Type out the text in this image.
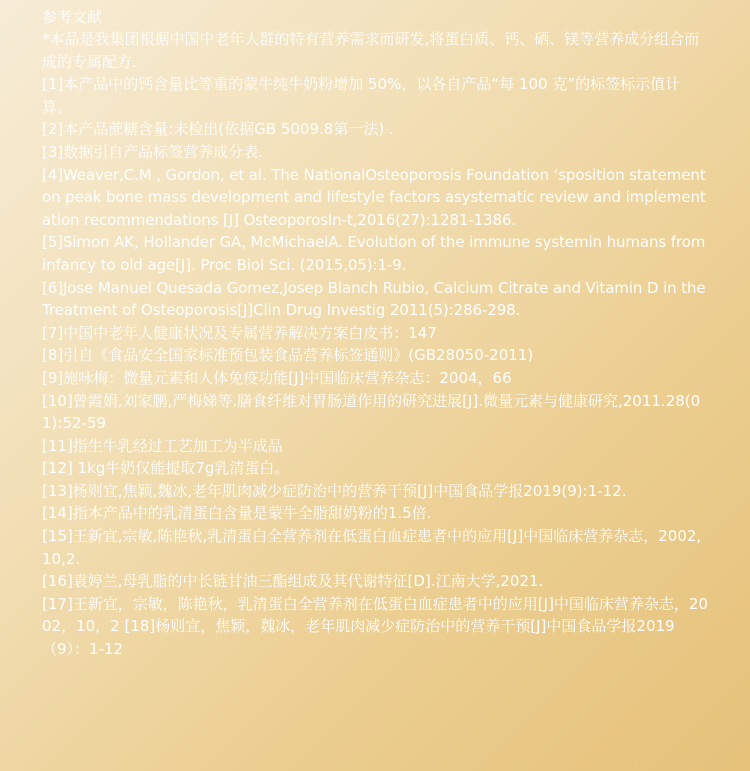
参考文献
*本品是我集团根据中国中老年人群的特有营养需求而研发,将蛋白质、钙、硒、镁等营养成分组合而成的专属配方.
[1]本产品中的钙含量比等重的蒙牛纯牛奶粉增加 50%，以各自产品“每 100 克”的标签标示值计算。
[2]本产品蔗糖含量:未检出(依据GB 5009.8第一法) .
[3]数据引自产品标签营养成分表.
[4]Weaver,C.M , Gordon, et al. The NationalOsteoporosis Foundation ‘sposition statement on peak bone mass development and lifestyle factors asystematic review and implementation recommendations [J] OsteoporosIn-t,2016(27):1281-1386.
[5]Simon AK, Hollander GA, McMichaelA. Evolution of the immune systemin humans from infancy to old age[J]. Proc Biol Sci. (2015,05):1-9.
[6]Jose Manuel Quesada Gomez,Josep Blanch Rubio, Calcium Citrate and Vitamin D in theTreatment of Osteoporosis[J]Clin Drug Investig 2011(5):286-298.
[7]中国中老年人健康状况及专属营养解决方案白皮书：147
[8]引自《食品安全国家标准预包装食品营养标签通则》(GB28050-2011)
[9]施咏梅：微量元素和人体免疫功能[J]中国临床营养杂志：2004，66
[10]曾霞娟,刘家鹏,严梅娣等.膳食纤维对胃肠道作用的研究进展[J].微量元素与健康研究,2011.28(01):52-59
[11]指生牛乳经过工艺加工为半成品
[12] 1kg牛奶仅能提取7g乳清蛋白。
[13]杨则宜,焦颖,魏冰,老年肌肉减少症防治中的营养干预[J]中国食品学报2019(9):1-12.
[14]指本产品中的乳清蛋白含量是蒙牛全脂甜奶粉的1.5倍.
[15]王新宜,宗敏,陈艳秋,乳清蛋白全营养剂在低蛋白血症患者中的应用[J]中国临床营养杂志，2002,10,2.
[16]袁婷兰,母乳脂的中长链甘油三酯组成及其代谢特征[D].江南大学,2021.
[17]王新宜，宗敏，陈艳秋，乳清蛋白全营养剂在低蛋白血症患者中的应用[J]中国临床营养杂志，2002，10，2 [18]杨则宜，焦颖，魏冰，老年肌肉减少症防治中的营养干预[J]中国食品学报2019（9）：1-12
